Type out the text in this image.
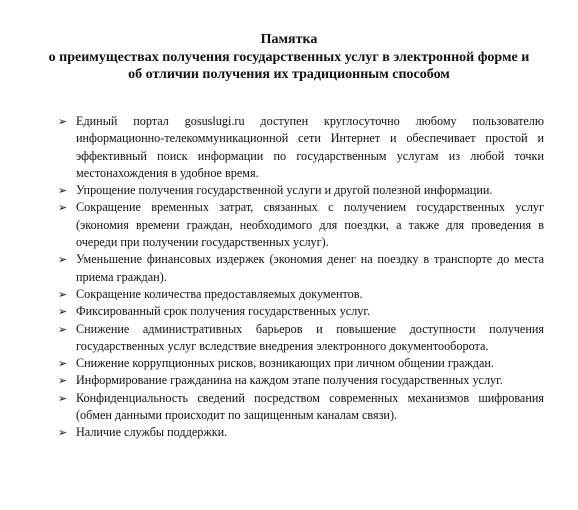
Памятка

о преимуществах получения государственных услуг в электронной форме и об отличии получения их традиционным способом

➢ Единый портал gosuslugi.ru доступен круглосуточно любому пользователю информационно-телекоммуникационной сети Интернет и обеспечивает простой и эффективный поиск информации по государственным услугам из любой точки местонахождения в удобное время.
➢ Упрощение получения государственной услуги и другой полезной информации.
➢ Сокращение временных затрат, связанных с получением государственных услуг (экономия времени граждан, необходимого для поездки, а также для проведения в очереди при получении государственных услуг).
➢ Уменьшение финансовых издержек (экономия денег на поездку в транспорте до места приема граждан).
➢ Сокращение количества предоставляемых документов.
➢ Фиксированный срок получения государственных услуг.
➢ Снижение административных барьеров и повышение доступности получения государственных услуг вследствие внедрения электронного документооборота.
➢ Снижение коррупционных рисков, возникающих при личном общении граждан.
➢ Информирование гражданина на каждом этапе получения государственных услуг.
➢ Конфиденциальность сведений посредством современных механизмов шифрования (обмен данными происходит по защищенным каналам связи).
➢ Наличие службы поддержки.
